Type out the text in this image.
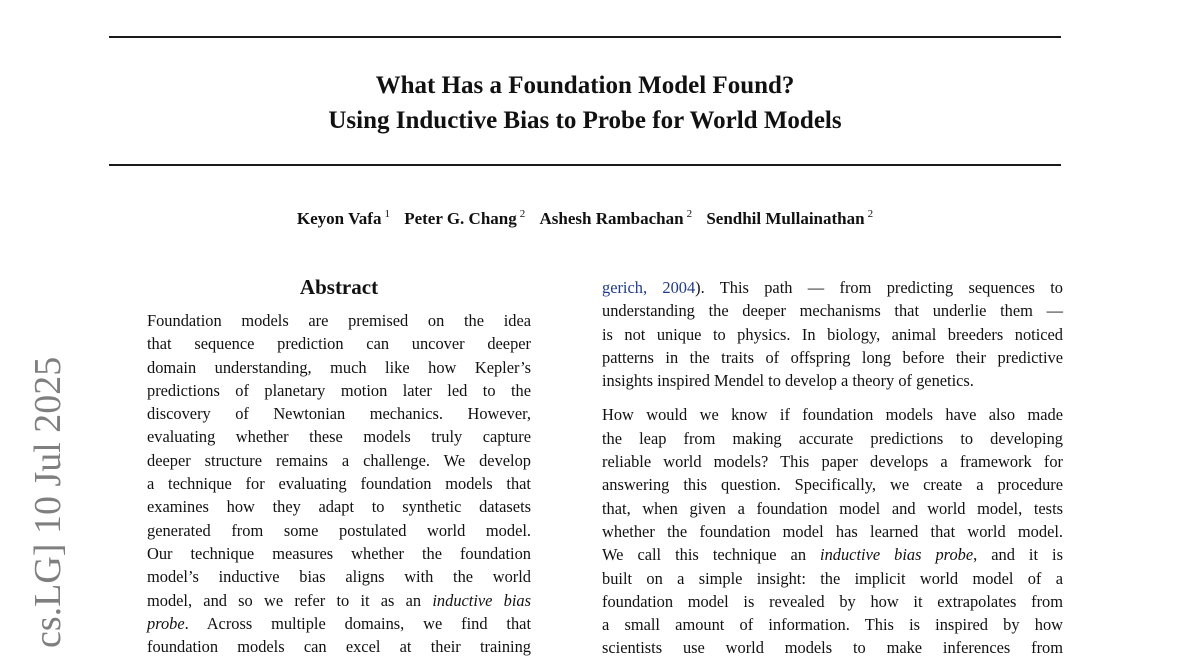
What Has a Foundation Model Found?
Using Inductive Bias to Probe for World Models
Keyon Vafa $^1$ Peter G. Chang $^2$ Ashesh Rambachan $^2$ Sendhil Mullainathan $^2$
cs.LG] 10 Jul 2025
Abstract
Foundation models are premised on the idea
that sequence prediction can uncover deeper
domain understanding, much like how Kepler’s
predictions of planetary motion later led to the
discovery of Newtonian mechanics. However,
evaluating whether these models truly capture
deeper structure remains a challenge. We develop
a technique for evaluating foundation models that
examines how they adapt to synthetic datasets
generated from some postulated world model.
Our technique measures whether the foundation
model’s inductive bias aligns with the world
model, and so we refer to it as an inductive bias
probe. Across multiple domains, we find that
foundation models can excel at their training
gerich, 2004). This path — from predicting sequences to
understanding the deeper mechanisms that underlie them —
is not unique to physics. In biology, animal breeders noticed
patterns in the traits of offspring long before their predictive
insights inspired Mendel to develop a theory of genetics.
How would we know if foundation models have also made
the leap from making accurate predictions to developing
reliable world models? This paper develops a framework for
answering this question. Specifically, we create a procedure
that, when given a foundation model and world model, tests
whether the foundation model has learned that world model.
We call this technique an inductive bias probe, and it is
built on a simple insight: the implicit world model of a
foundation model is revealed by how it extrapolates from
a small amount of information. This is inspired by how
scientists use world models to make inferences from
